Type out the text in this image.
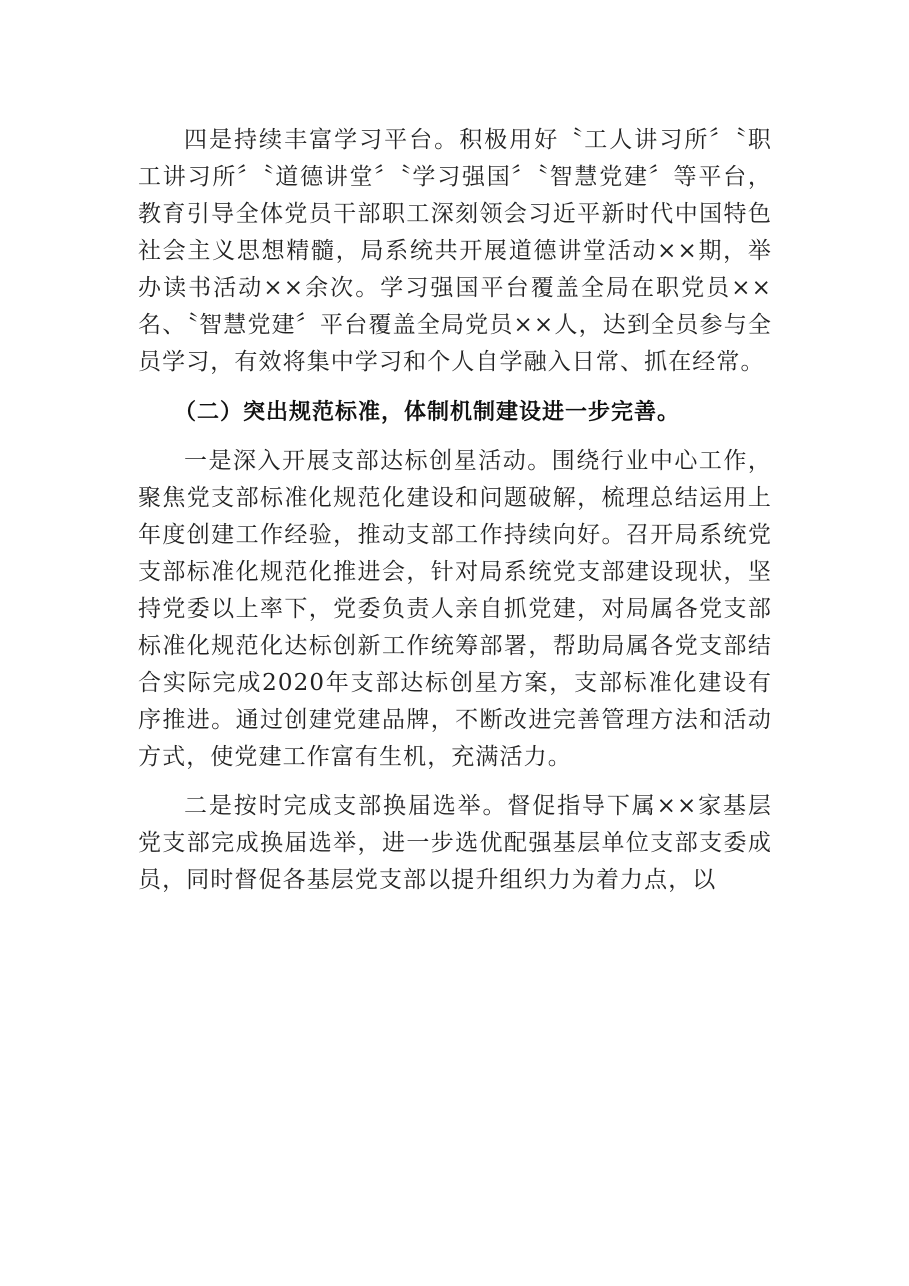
四是持续丰富学习平台。积极用好〝工人讲习所〞〝职工讲习所〞〝道德讲堂〞〝学习强国〞〝智慧党建〞等平台，教育引导全体党员干部职工深刻领会习近平新时代中国特色社会主义思想精髓，局系统共开展道德讲堂活动××期，举办读书活动××余次。学习强国平台覆盖全局在职党员××名、〝智慧党建〞平台覆盖全局党员××人，达到全员参与全员学习，有效将集中学习和个人自学融入日常、抓在经常。

（二）突出规范标准，体制机制建设进一步完善。

一是深入开展支部达标创星活动。围绕行业中心工作，聚焦党支部标准化规范化建设和问题破解，梳理总结运用上年度创建工作经验，推动支部工作持续向好。召开局系统党支部标准化规范化推进会，针对局系统党支部建设现状，坚持党委以上率下，党委负责人亲自抓党建，对局属各党支部标准化规范化达标创新工作统筹部署，帮助局属各党支部结合实际完成2020年支部达标创星方案，支部标准化建设有序推进。通过创建党建品牌，不断改进完善管理方法和活动方式，使党建工作富有生机，充满活力。

二是按时完成支部换届选举。督促指导下属××家基层党支部完成换届选举，进一步选优配强基层单位支部支委成员，同时督促各基层党支部以提升组织力为着力点，以
